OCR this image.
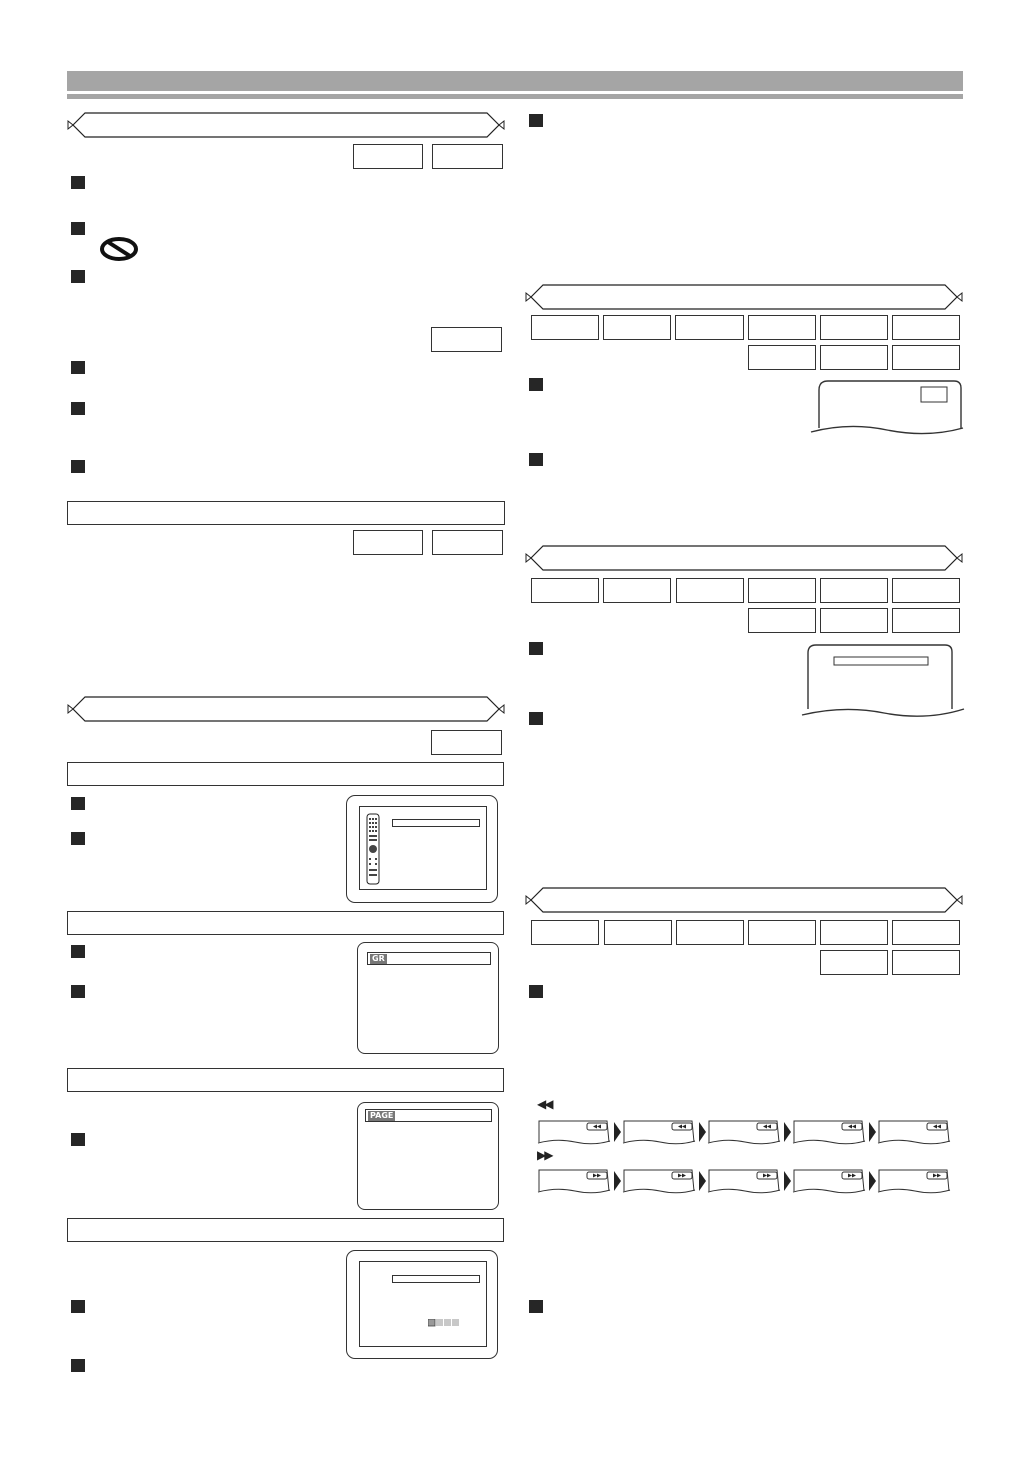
GR
PAGE
◀◀
▶▶
